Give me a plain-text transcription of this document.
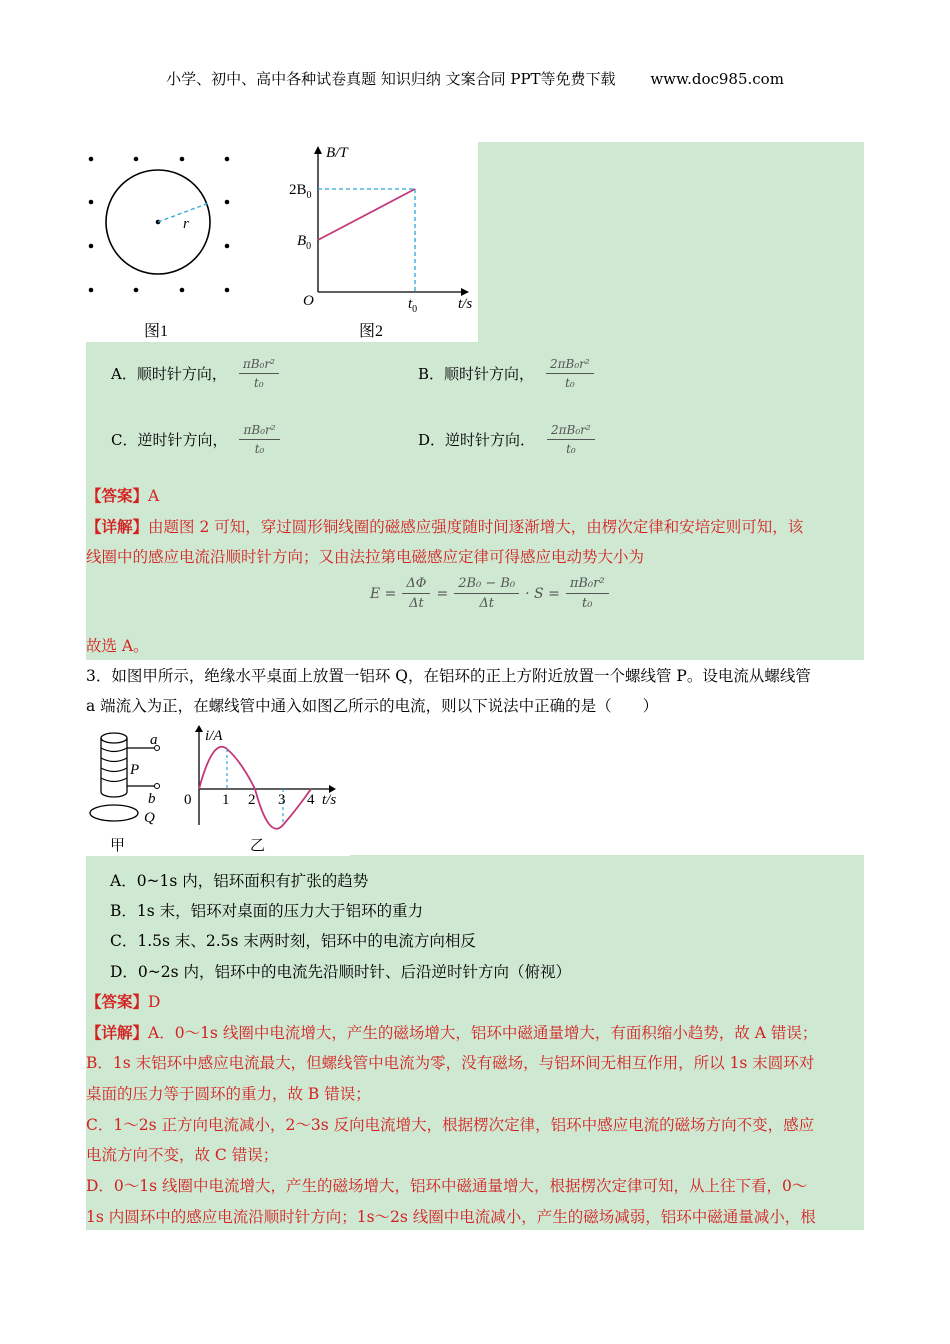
小学、初中、高中各种试卷真题 知识归纳 文案合同 PPT等免费下载 www.doc985.com
r
图1
B/T
t/s
O
$2B_0$
$B_0$
$t_0$
图2
A．顺时针方向， $\frac{\text{πB₀r²}}{\text{t₀}}$	B．顺时针方向， $\frac{\text{2πB₀r²}}{\text{t₀}}$
C．逆时针方向， $\frac{\text{πB₀r²}}{\text{t₀}}$	D．逆时针方向． $\frac{\text{2πB₀r²}}{\text{t₀}}$
【答案】A
【详解】由题图 2 可知，穿过圆形铜线圈的磁感应强度随时间逐渐增大，由楞次定律和安培定则可知，该
线圈中的感应电流沿顺时针方向；又由法拉第电磁感应定律可得感应电动势大小为
$E = \frac{\Delta\Phi}{\Delta t} = \frac{\text{2B₀ − B₀}}{\Delta t} \cdot S = \frac{\text{πB₀r²}}{\text{t₀}}$
故选 A。
3．如图甲所示，绝缘水平桌面上放置一铝环 Q，在铝环的正上方附近放置一个螺线管 P。设电流从螺线管
a 端流入为正，在螺线管中通入如图乙所示的电流，则以下说法中正确的是（　　）
a
P
b
Q
甲
i/A
t/s
0 1 2 3 4
乙
A．0~1s 内，铝环面积有扩张的趋势
B．1s 末，铝环对桌面的压力大于铝环的重力
C．1.5s 末、2.5s 末两时刻，铝环中的电流方向相反
D．0~2s 内，铝环中的电流先沿顺时针、后沿逆时针方向（俯视）
【答案】D
【详解】A．0～1s 线圈中电流增大，产生的磁场增大，铝环中磁通量增大，有面积缩小趋势，故 A 错误；
B．1s 末铝环中感应电流最大，但螺线管中电流为零，没有磁场，与铝环间无相互作用，所以 1s 末圆环对
桌面的压力等于圆环的重力，故 B 错误；
C．1～2s 正方向电流减小，2～3s 反向电流增大，根据楞次定律，铝环中感应电流的磁场方向不变，感应
电流方向不变，故 C 错误；
D．0～1s 线圈中电流增大，产生的磁场增大，铝环中磁通量增大，根据楞次定律可知，从上往下看，0～
1s 内圆环中的感应电流沿顺时针方向；1s～2s 线圈中电流减小，产生的磁场减弱，铝环中磁通量减小，根
